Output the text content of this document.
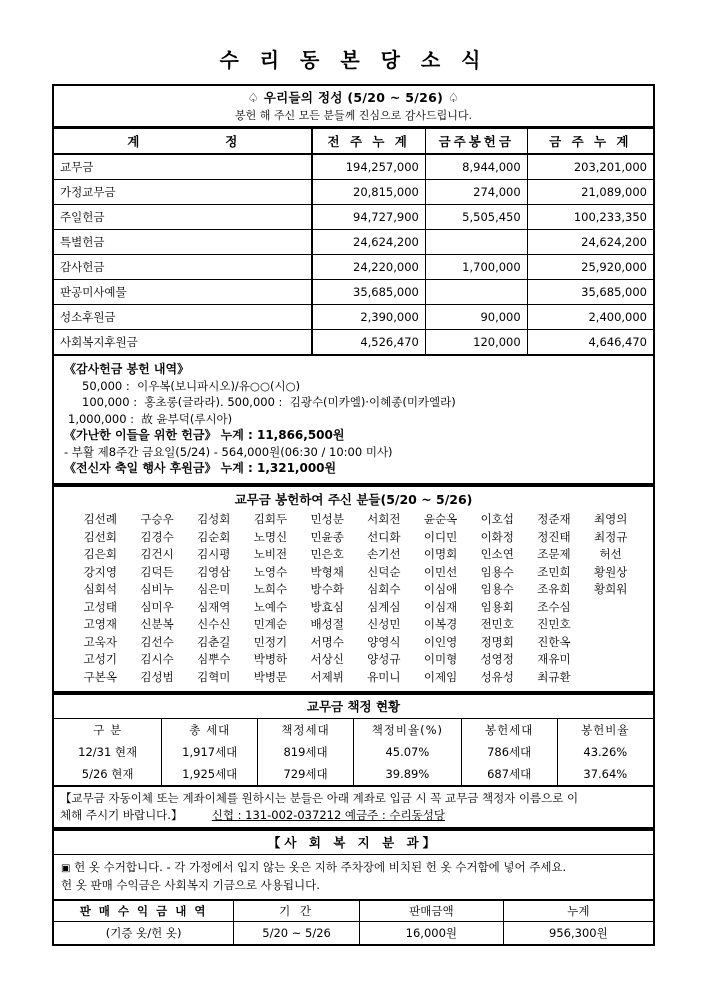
수 리 동 본 당 소 식
♤ 우리들의 정성 (5/20 ~ 5/26) ♤
봉헌 해 주신 모든 분들께 진심으로 감사드립니다.
계 정	전 주 누 계	금주봉헌금	금 주 누 계
교무금	194,257,000	8,944,000	203,201,000
가정교무금	20,815,000	274,000	21,089,000
주일헌금	94,727,900	5,505,450	100,233,350
특별헌금	24,624,200		24,624,200
감사헌금	24,220,000	1,700,000	25,920,000
판공미사예물	35,685,000		35,685,000
성소후원금	2,390,000	90,000	2,400,000
사회복지후원금	4,526,470	120,000	4,646,470
《감사헌금 봉헌 내역》
50,000 :  이우복(보니파시오)/유○○(시○)
100,000 :  홍초롱(글라라). 500,000 :  김광수(미카엘)·이혜종(미카엘라)
1,000,000 :  故 윤부덕(루시아)
《가난한 이들을 위한 헌금》 누계 : 11,866,500원
- 부활 제8주간 금요일(5/24) - 564,000원(06:30 / 10:00 미사)
《전신자 축일 행사 후원금》 누계 : 1,321,000원
교무금 봉헌하여 주신 분들(5/20 ~ 5/26)
김선례	구승우	김성회	김회두	민성분	서회전	윤순옥	이호섭	정준재	최영의
김선회	김경수	김순회	노명신	민윤종	선디화	이디민	이화정	정진태	최정규
김은회	김건시	김시평	노비전	민은호	손기선	이명회	인소연	조문제	허선
강지영	김덕든	김영삼	노영수	박형채	신덕순	이민선	임용수	조민희	황원상
심회석	심비누	심은미	노희수	방수화	심회수	이심애	임용수	조유희	황희워
고성태	심미우	심재역	노예수	방효심	심계심	이심재	임용회	조수심
고영재	신분복	신수신	민계순	배성절	신성민	이복경	전민호	진민호
고욱자	김선수	김춘길	민정기	서명수	양영식	이인영	정명회	진한옥
고성기	김시수	심뿌수	박병하	서상신	양성규	이미형	성영정	재유미
구본옥	김성범	김혁미	박병문	서제뷔	유미니	이제임	성유성	최규환
교무금 책정 현황
구 분	총 세대	책정세대	책정비율(%)	봉헌세대	봉헌비율
12/31 현재	1,917세대	819세대	45.07%	786세대	43.26%
5/26 현재	1,925세대	729세대	39.89%	687세대	37.64%
【교무금 자동이체 또는 계좌이체를 원하시는 분들은 아래 계좌로 입금 시 꼭 교무금 책정자 이름으로 이
체해 주시기 바랍니다.】	신협 : 131-002-037212 예금주 : 수리동성당
【사 회 복 지 분 과】
▣ 헌 옷 수거합니다. - 각 가정에서 입지 않는 옷은 지하 주차장에 비치된 헌 옷 수거함에 넣어 주세요.
헌 옷 판매 수익금은 사회복지 기금으로 사용됩니다.
판 매 수 익 금 내 역	기 간	판매금액	누계
(기증 옷/헌 옷)	5/20 ~ 5/26	16,000원	956,300원
